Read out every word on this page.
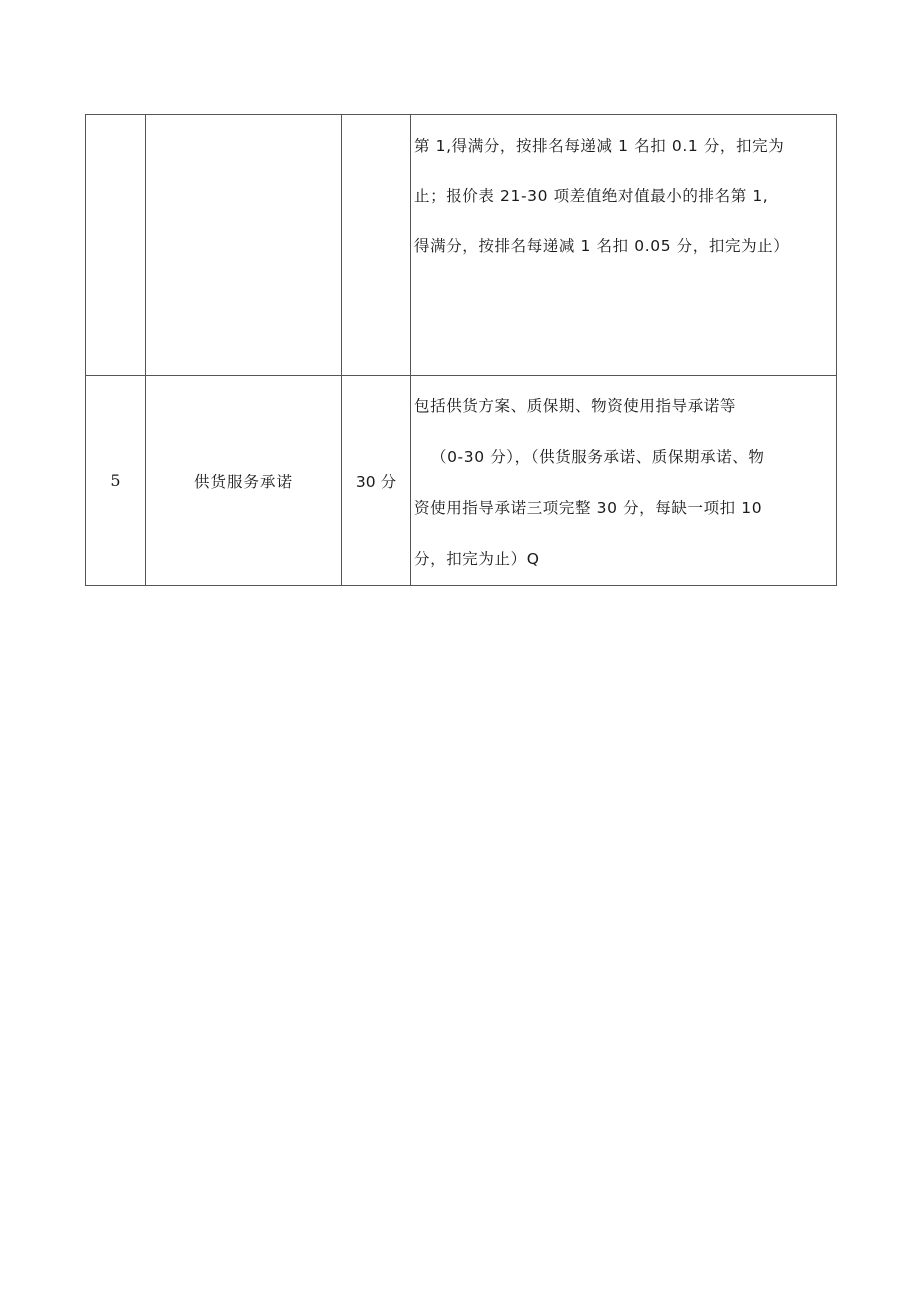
			第 1,得满分，按排名每递减 1 名扣 0.1 分，扣完为
止；报价表 21-30 项差值绝对值最小的排名第 1,
得满分，按排名每递减 1 名扣 0.05 分，扣完为止）

5	供货服务承诺	30 分	包括供货方案、质保期、物资使用指导承诺等
（0-30 分），（供货服务承诺、质保期承诺、物
资使用指导承诺三项完整 30 分，每缺一项扣 10
分，扣完为止）Q
